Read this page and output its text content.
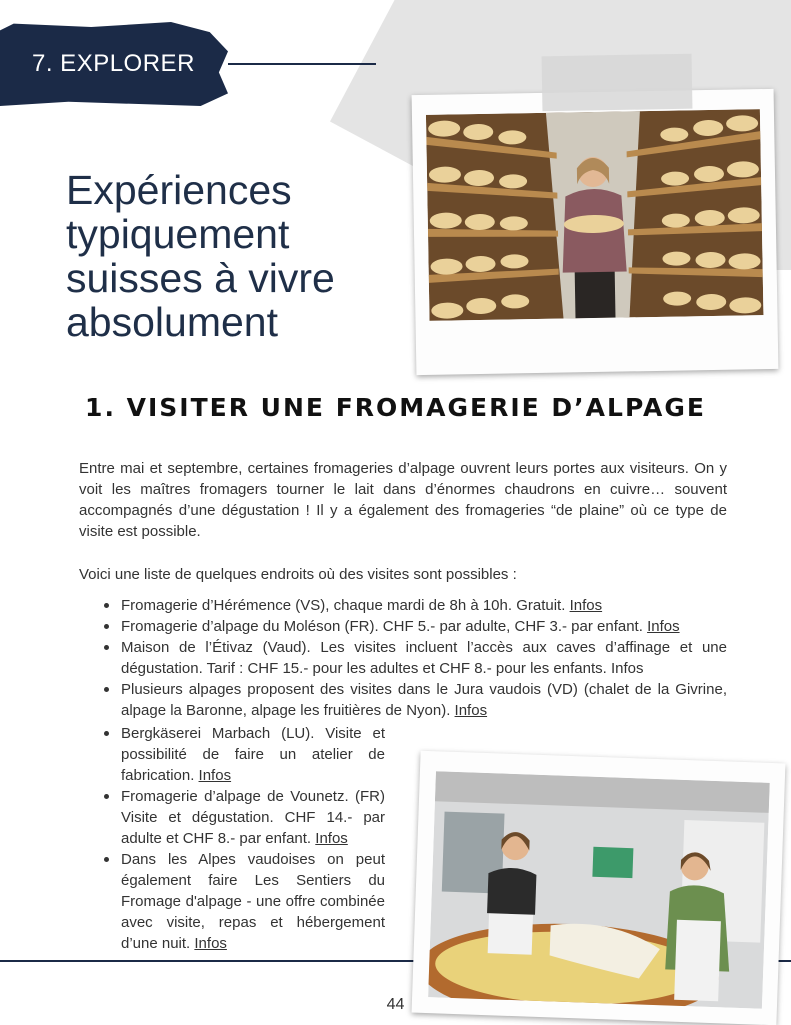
7. EXPLORER
Expériences
typiquement
suisses à vivre
absolument
1. VISITER UNE FROMAGERIE D’ALPAGE

Entre mai et septembre, certaines fromageries d’alpage ouvrent leurs portes aux visiteurs. On y voit les maîtres fromagers tourner le lait dans d’énormes chaudrons en cuivre… souvent accompagnés d’une dégustation ! Il y a également des fromageries “de plaine” où ce type de visite est possible.

Voici une liste de quelques endroits où des visites sont possibles :

Fromagerie d’Hérémence (VS), chaque mardi de 8h à 10h. Gratuit. Infos
Fromagerie d’alpage du Moléson (FR). CHF 5.- par adulte, CHF 3.- par enfant. Infos
Maison de l’Étivaz (Vaud). Les visites incluent l’accès aux caves d’affinage et une dégustation. Tarif : CHF 15.- pour les adultes et CHF 8.- pour les enfants. Infos
Plusieurs alpages proposent des visites dans le Jura vaudois (VD) (chalet de la Givrine, alpage la Baronne, alpage les fruitières de Nyon). Infos
Bergkäserei Marbach (LU). Visite et possibilité de faire un atelier de fabrication. Infos
Fromagerie d’alpage de Vounetz. (FR) Visite et dégustation. CHF 14.- par adulte et CHF 8.- par enfant. Infos
Dans les Alpes vaudoises on peut également faire Les Sentiers du Fromage d'alpage - une offre combinée avec visite, repas et hébergement d’une nuit. Infos
44
